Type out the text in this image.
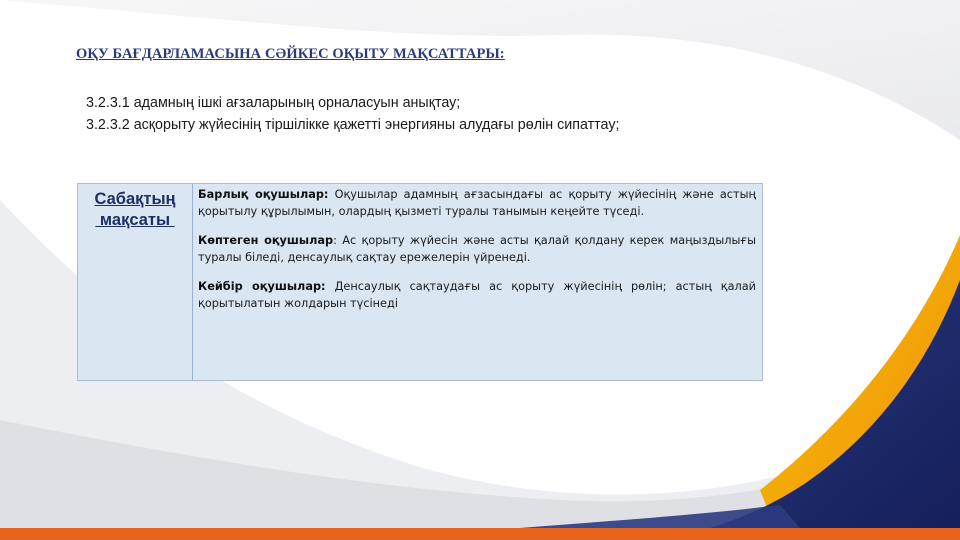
ОҚУ БАҒДАРЛАМАСЫНА СӘЙКЕС ОҚЫТУ МАҚСАТТАРЫ:
3.2.3.1 адамның ішкі ағзаларының орналасуын анықтау;
3.2.3.2 асқорыту жүйесінің тіршілікке қажетті энергияны алудағы рөлін сипаттау;
Сабақтың
мақсаты

Барлық оқушылар: Оқушылар адамның ағзасындағы ас қорыту жүйесінің және астың қорытылу құрылымын, олардың қызметі туралы танымын кеңейте түседі.

Көптеген оқушылар: Ас қорыту жүйесін және асты қалай қолдану керек маңыздылығы туралы біледі, денсаулық сақтау ережелерін үйренеді.

Кейбір оқушылар: Денсаулық сақтаудағы ас қорыту жүйесінің рөлін; астың қалай қорытылатын жолдарын түсінеді
